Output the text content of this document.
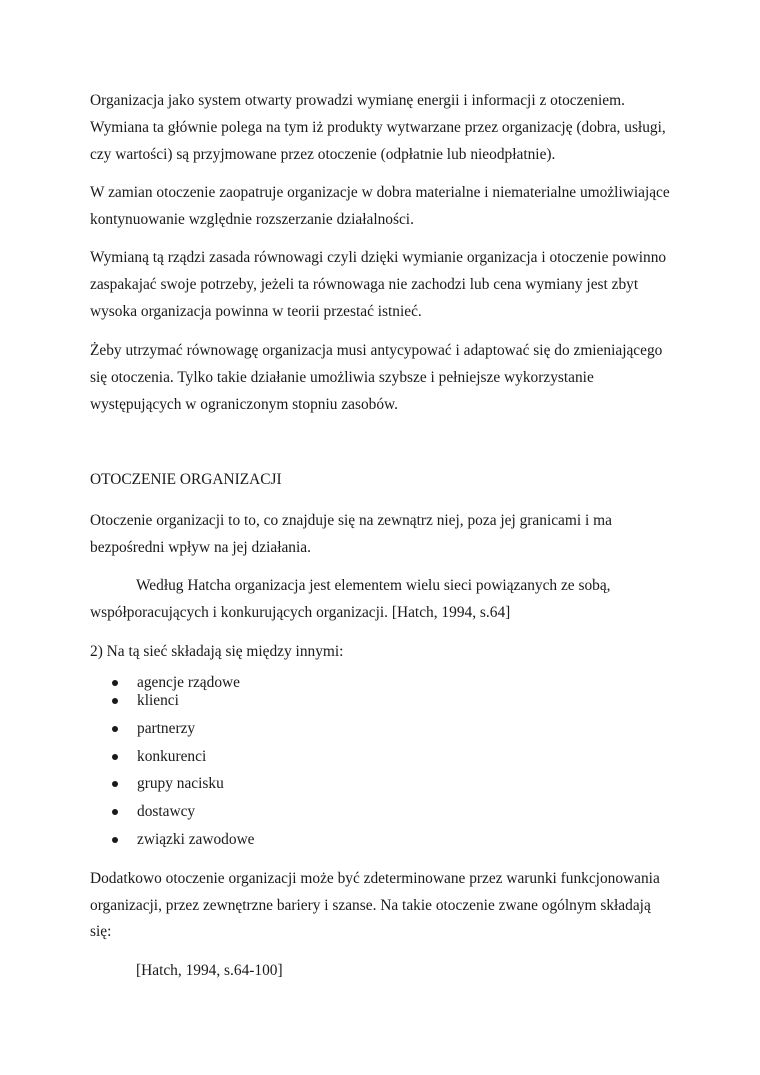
Organizacja jako system otwarty prowadzi wymianę energii i informacji z otoczeniem.
Wymiana ta głównie polega na tym iż produkty wytwarzane przez organizację (dobra, usługi,
czy wartości) są przyjmowane przez otoczenie (odpłatnie lub nieodpłatnie).
W zamian otoczenie zaopatruje organizacje w dobra materialne i niematerialne umożliwiające
kontynuowanie względnie rozszerzanie działalności.
Wymianą tą rządzi zasada równowagi czyli dzięki wymianie organizacja i otoczenie powinno
zaspakajać swoje potrzeby, jeżeli ta równowaga nie zachodzi lub cena wymiany jest zbyt
wysoka organizacja powinna w teorii przestać istnieć.
Żeby utrzymać równowagę organizacja musi antycypować i adaptować się do zmieniającego
się otoczenia. Tylko takie działanie umożliwia szybsze i pełniejsze wykorzystanie
występujących w ograniczonym stopniu zasobów.
OTOCZENIE ORGANIZACJI
Otoczenie organizacji to to, co znajduje się na zewnątrz niej, poza jej granicami i ma
bezpośredni wpływ na jej działania.
Według Hatcha organizacja jest elementem wielu sieci powiązanych ze sobą,
współporacujących i konkurujących organizacji. [Hatch, 1994, s.64]
2) Na tą sieć składają się między innymi:
agencje rządowe
klienci
partnerzy
konkurenci
grupy nacisku
dostawcy
związki zawodowe
Dodatkowo otoczenie organizacji może być zdeterminowane przez warunki funkcjonowania
organizacji, przez zewnętrzne bariery i szanse. Na takie otoczenie zwane ogólnym składają
się:
[Hatch, 1994, s.64-100]
